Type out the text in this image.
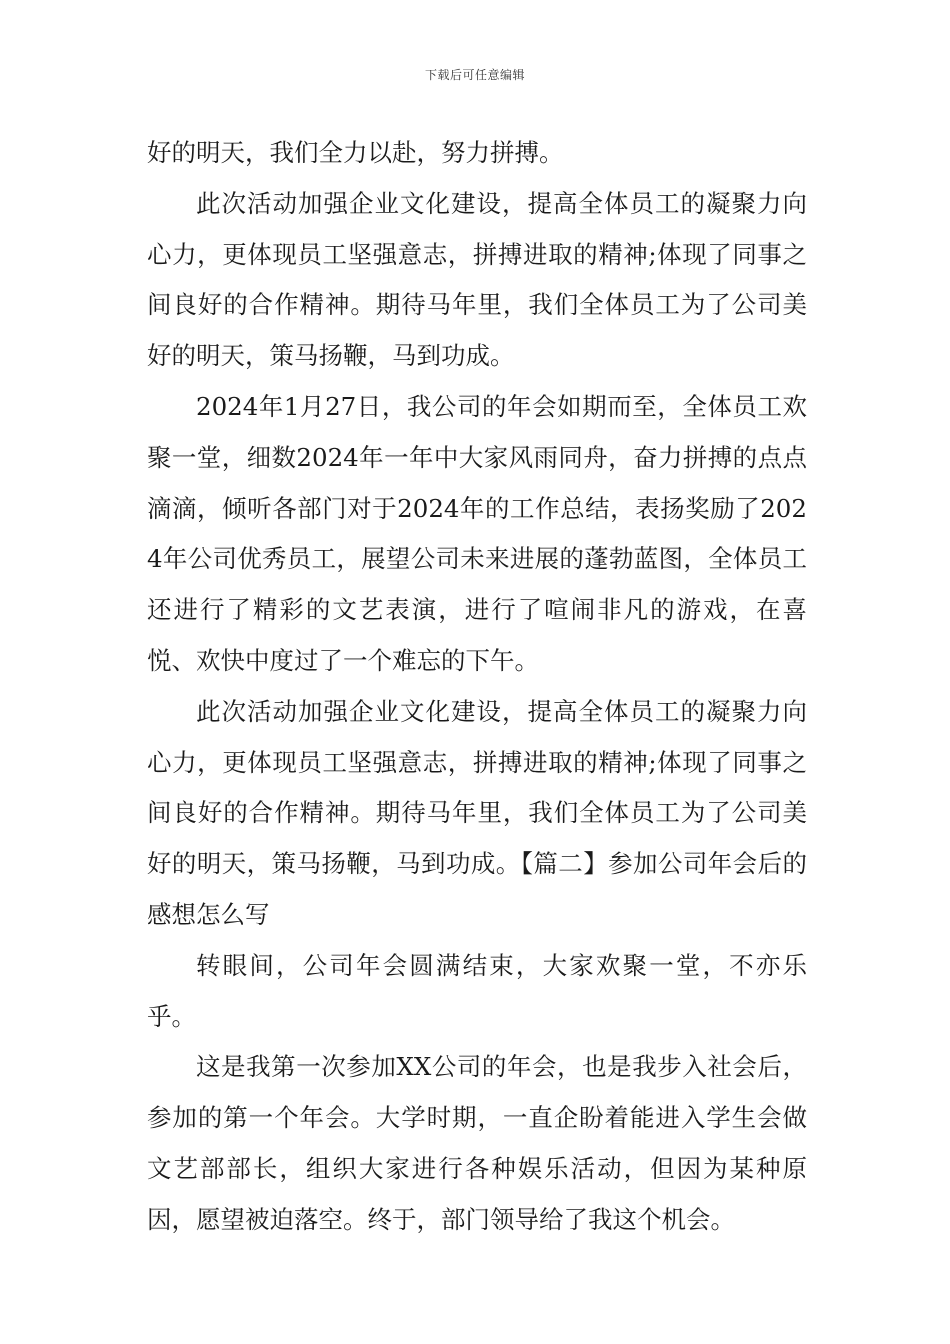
下载后可任意编辑

好的明天，我们全力以赴，努力拼搏。

此次活动加强企业文化建设，提高全体员工的凝聚力向心力，更体现员工坚强意志，拼搏进取的精神;体现了同事之间良好的合作精神。期待马年里，我们全体员工为了公司美好的明天，策马扬鞭，马到功成。

2024年1月27日，我公司的年会如期而至，全体员工欢聚一堂，细数2024年一年中大家风雨同舟，奋力拼搏的点点滴滴，倾听各部门对于2024年的工作总结，表扬奖励了2024年公司优秀员工，展望公司未来进展的蓬勃蓝图，全体员工还进行了精彩的文艺表演，进行了喧闹非凡的游戏，在喜悦、欢快中度过了一个难忘的下午。

此次活动加强企业文化建设，提高全体员工的凝聚力向心力，更体现员工坚强意志，拼搏进取的精神;体现了同事之间良好的合作精神。期待马年里，我们全体员工为了公司美好的明天，策马扬鞭，马到功成。【篇二】参加公司年会后的感想怎么写

转眼间，公司年会圆满结束，大家欢聚一堂，不亦乐乎。

这是我第一次参加XX公司的年会，也是我步入社会后，参加的第一个年会。大学时期，一直企盼着能进入学生会做文艺部部长，组织大家进行各种娱乐活动，但因为某种原因，愿望被迫落空。终于，部门领导给了我这个机会。
